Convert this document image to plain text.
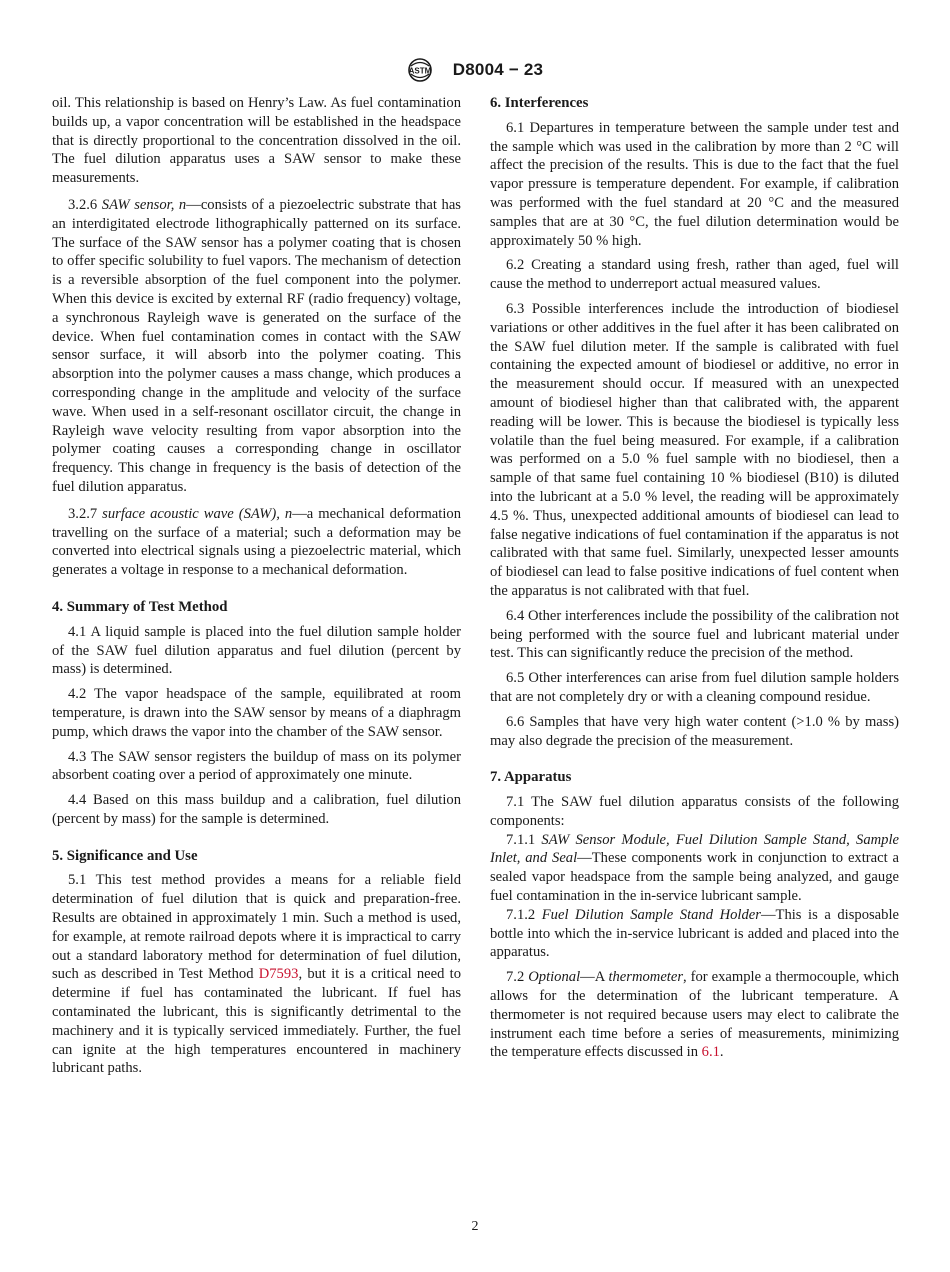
ASTM D8004 − 23

oil. This relationship is based on Henry’s Law. As fuel contamination builds up, a vapor concentration will be established in the headspace that is directly proportional to the concentration dissolved in the oil. The fuel dilution apparatus uses a SAW sensor to make these measurements.

3.2.6 SAW sensor, n—consists of a piezoelectric substrate that has an interdigitated electrode lithographically patterned on its surface. The surface of the SAW sensor has a polymer coating that is chosen to offer specific solubility to fuel vapors. The mechanism of detection is a reversible absorption of the fuel component into the polymer. When this device is excited by external RF (radio frequency) voltage, a synchronous Rayleigh wave is generated on the surface of the device. When fuel contamination comes in contact with the SAW sensor surface, it will absorb into the polymer coating. This absorption into the polymer causes a mass change, which produces a corresponding change in the amplitude and velocity of the surface wave. When used in a self-resonant oscillator circuit, the change in Rayleigh wave velocity resulting from vapor absorption into the polymer coating causes a corresponding change in oscillator frequency. This change in frequency is the basis of detection of the fuel dilution apparatus.

3.2.7 surface acoustic wave (SAW), n—a mechanical deformation travelling on the surface of a material; such a deformation may be converted into electrical signals using a piezoelectric material, which generates a voltage in response to a mechanical deformation.

4. Summary of Test Method

4.1 A liquid sample is placed into the fuel dilution sample holder of the SAW fuel dilution apparatus and fuel dilution (percent by mass) is determined.

4.2 The vapor headspace of the sample, equilibrated at room temperature, is drawn into the SAW sensor by means of a diaphragm pump, which draws the vapor into the chamber of the SAW sensor.

4.3 The SAW sensor registers the buildup of mass on its polymer absorbent coating over a period of approximately one minute.

4.4 Based on this mass buildup and a calibration, fuel dilution (percent by mass) for the sample is determined.

5. Significance and Use

5.1 This test method provides a means for a reliable field determination of fuel dilution that is quick and preparation-free. Results are obtained in approximately 1 min. Such a method is used, for example, at remote railroad depots where it is impractical to carry out a standard laboratory method for determination of fuel dilution, such as described in Test Method D7593, but it is a critical need to determine if fuel has contaminated the lubricant. If fuel has contaminated the lubricant, this is significantly detrimental to the machinery and it is typically serviced immediately. Further, the fuel can ignite at the high temperatures encountered in machinery lubricant paths.

6. Interferences

6.1 Departures in temperature between the sample under test and the sample which was used in the calibration by more than 2 °C will affect the precision of the results. This is due to the fact that the fuel vapor pressure is temperature dependent. For example, if calibration was performed with the fuel standard at 20 °C and the measured samples that are at 30 °C, the fuel dilution determination would be approximately 50 % high.

6.2 Creating a standard using fresh, rather than aged, fuel will cause the method to underreport actual measured values.

6.3 Possible interferences include the introduction of biodiesel variations or other additives in the fuel after it has been calibrated on the SAW fuel dilution meter. If the sample is calibrated with fuel containing the expected amount of biodiesel or additive, no error in the measurement should occur. If measured with an unexpected amount of biodiesel higher than that calibrated with, the apparent reading will be lower. This is because the biodiesel is typically less volatile than the fuel being measured. For example, if a calibration was performed on a 5.0 % fuel sample with no biodiesel, then a sample of that same fuel containing 10 % biodiesel (B10) is diluted into the lubricant at a 5.0 % level, the reading will be approximately 4.5 %. Thus, unexpected additional amounts of biodiesel can lead to false negative indications of fuel contamination if the apparatus is not calibrated with that same fuel. Similarly, unexpected lesser amounts of biodiesel can lead to false positive indications of fuel content when the apparatus is not calibrated with that fuel.

6.4 Other interferences include the possibility of the calibration not being performed with the source fuel and lubricant material under test. This can significantly reduce the precision of the method.

6.5 Other interferences can arise from fuel dilution sample holders that are not completely dry or with a cleaning compound residue.

6.6 Samples that have very high water content (>1.0 % by mass) may also degrade the precision of the measurement.

7. Apparatus

7.1 The SAW fuel dilution apparatus consists of the following components:

7.1.1 SAW Sensor Module, Fuel Dilution Sample Stand, Sample Inlet, and Seal—These components work in conjunction to extract a sealed vapor headspace from the sample being analyzed, and gauge fuel contamination in the in-service lubricant sample.

7.1.2 Fuel Dilution Sample Stand Holder—This is a disposable bottle into which the in-service lubricant is added and placed into the apparatus.

7.2 Optional—A thermometer, for example a thermocouple, which allows for the determination of the lubricant temperature. A thermometer is not required because users may elect to calibrate the instrument each time before a series of measurements, minimizing the temperature effects discussed in 6.1.

2
